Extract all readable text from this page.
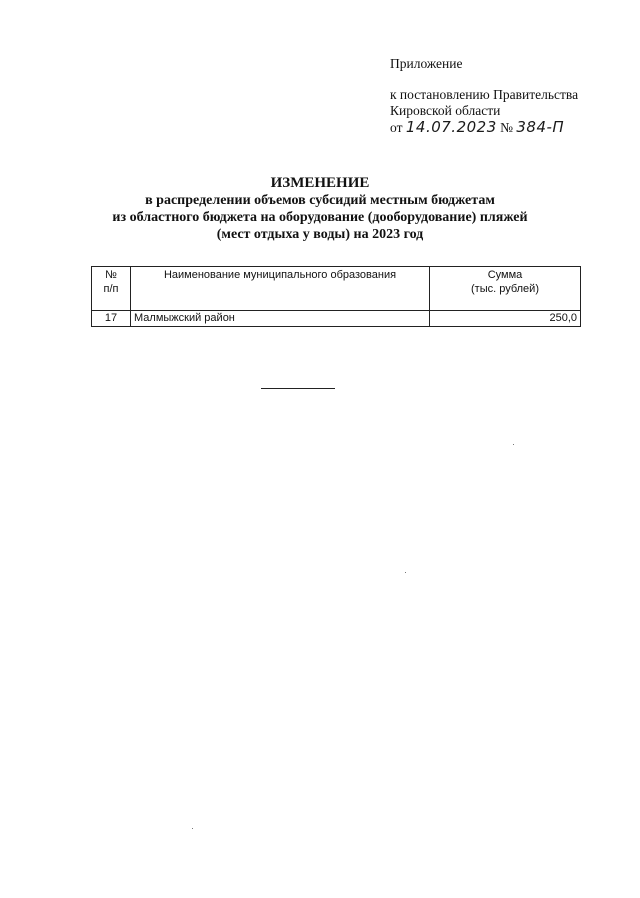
Приложение
к постановлению Правительства
Кировской области
от 14.07.2023 № 384-П
ИЗМЕНЕНИЕ
в распределении объемов субсидий местным бюджетам
из областного бюджета на оборудование (дооборудование) пляжей
(мест отдыха у воды) на 2023 год
№
п/п	Наименование муниципального образования	Сумма
(тыс. рублей)
17	Малмыжский район	250,0
